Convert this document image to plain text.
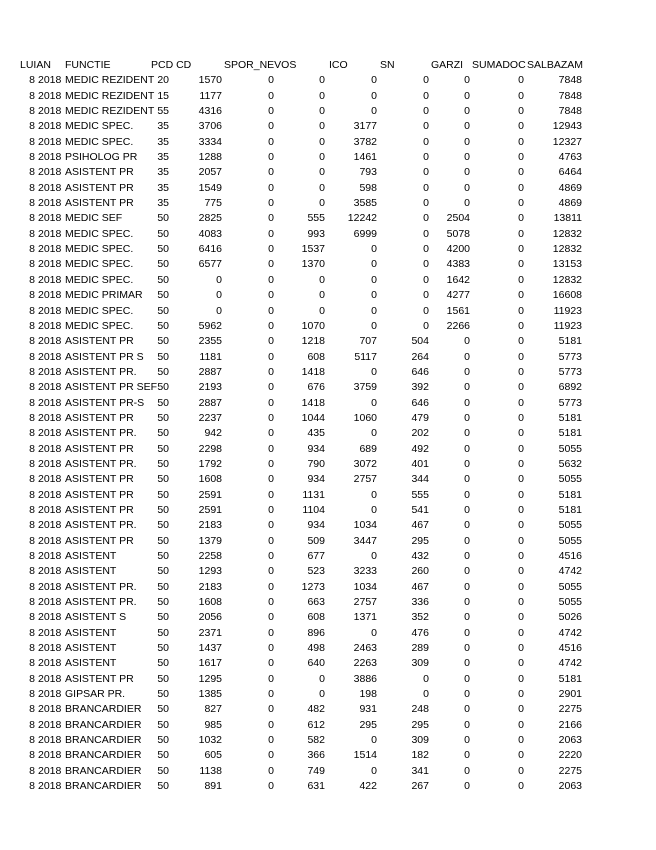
LUIAN FUNCTIE	PCD CD	SPOR_NEVOS	ICO	SN	GARZI SUMADOC SALBAZAM
8 2018 MEDIC REZIDENT 20	1570	0	0	0	0	0	0	7848
8 2018 MEDIC REZIDENT 15	1177	0	0	0	0	0	0	7848
8 2018 MEDIC REZIDENT 55	4316	0	0	0	0	0	0	7848
8 2018 MEDIC SPEC.	35	3706	0	0	3177	0	0	0	12943
8 2018 MEDIC SPEC.	35	3334	0	0	3782	0	0	0	12327
8 2018 PSIHOLOG PR	35	1288	0	0	1461	0	0	0	4763
8 2018 ASISTENT PR	35	2057	0	0	793	0	0	0	6464
8 2018 ASISTENT PR	35	1549	0	0	598	0	0	0	4869
8 2018 ASISTENT PR	35	775	0	0	3585	0	0	0	4869
8 2018 MEDIC SEF	50	2825	0	555	12242	0	2504	0	13811
8 2018 MEDIC SPEC.	50	4083	0	993	6999	0	5078	0	12832
8 2018 MEDIC SPEC.	50	6416	0	1537	0	0	4200	0	12832
8 2018 MEDIC SPEC.	50	6577	0	1370	0	0	4383	0	13153
8 2018 MEDIC SPEC.	50	0	0	0	0	0	1642	0	12832
8 2018 MEDIC PRIMAR	50	0	0	0	0	0	4277	0	16608
8 2018 MEDIC SPEC.	50	0	0	0	0	0	1561	0	11923
8 2018 MEDIC SPEC.	50	5962	0	1070	0	0	2266	0	11923
8 2018 ASISTENT PR	50	2355	0	1218	707	504	0	0	5181
8 2018 ASISTENT PR S	50	1181	0	608	5117	264	0	0	5773
8 2018 ASISTENT PR.	50	2887	0	1418	0	646	0	0	5773
8 2018 ASISTENT PR SEF 50	2193	0	676	3759	392	0	0	6892
8 2018 ASISTENT PR-S	50	2887	0	1418	0	646	0	0	5773
8 2018 ASISTENT PR	50	2237	0	1044	1060	479	0	0	5181
8 2018 ASISTENT PR.	50	942	0	435	0	202	0	0	5181
8 2018 ASISTENT PR	50	2298	0	934	689	492	0	0	5055
8 2018 ASISTENT PR.	50	1792	0	790	3072	401	0	0	5632
8 2018 ASISTENT PR	50	1608	0	934	2757	344	0	0	5055
8 2018 ASISTENT PR	50	2591	0	1131	0	555	0	0	5181
8 2018 ASISTENT PR	50	2591	0	1104	0	541	0	0	5181
8 2018 ASISTENT PR.	50	2183	0	934	1034	467	0	0	5055
8 2018 ASISTENT PR	50	1379	0	509	3447	295	0	0	5055
8 2018 ASISTENT	50	2258	0	677	0	432	0	0	4516
8 2018 ASISTENT	50	1293	0	523	3233	260	0	0	4742
8 2018 ASISTENT PR.	50	2183	0	1273	1034	467	0	0	5055
8 2018 ASISTENT PR.	50	1608	0	663	2757	336	0	0	5055
8 2018 ASISTENT S	50	2056	0	608	1371	352	0	0	5026
8 2018 ASISTENT	50	2371	0	896	0	476	0	0	4742
8 2018 ASISTENT	50	1437	0	498	2463	289	0	0	4516
8 2018 ASISTENT	50	1617	0	640	2263	309	0	0	4742
8 2018 ASISTENT PR	50	1295	0	0	3886	0	0	0	5181
8 2018 GIPSAR PR.	50	1385	0	0	198	0	0	0	2901
8 2018 BRANCARDIER	50	827	0	482	931	248	0	0	2275
8 2018 BRANCARDIER	50	985	0	612	295	295	0	0	2166
8 2018 BRANCARDIER	50	1032	0	582	0	309	0	0	2063
8 2018 BRANCARDIER	50	605	0	366	1514	182	0	0	2220
8 2018 BRANCARDIER	50	1138	0	749	0	341	0	0	2275
8 2018 BRANCARDIER	50	891	0	631	422	267	0	0	2063
